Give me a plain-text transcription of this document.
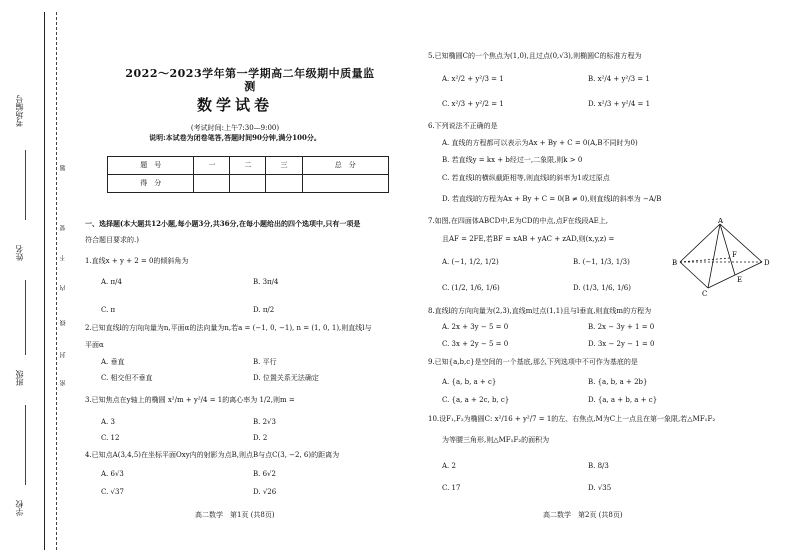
考场编号
姓名
班级
学校
题
要
不
内
线
封
密
2022～2023学年第一学期高二年级期中质量监测
数学试卷
(考试时间:上午7:30—9:00)
说明:本试卷为闭卷笔答,答题时间90分钟,满分100分。
题　号	一	二	三	总　分
得　分				
一、选择题(本大题共12小题,每小题3分,共36分,在每小题给出的四个选项中,只有一项是
符合题目要求的.)
1.直线x + y + 2 = 0的倾斜角为
A. π/4	B. 3π/4
C. π	D. π/2
2.已知直线l的方向向量为n,平面α的法向量为n,若a = (−1, 0, −1), n = (1, 0, 1),则直线l与
平面α
A. 垂直	B. 平行
C. 相交但不垂直	D. 位置关系无法确定
3.已知焦点在y轴上的椭圆 x²/m + y²/4 = 1的离心率为 1/2,则m =
A. 3	B. 2√3
C. 12	D. 2
4.已知点A(3,4,5)在坐标平面Oxy内的射影为点B,则点B与点C(3, −2, 6)的距离为
A. 6√3	B. 6√2
C. √37	D. √26
高二数学　第1页 (共8页)
5.已知椭圆C的一个焦点为(1,0),且过点(0,√3),则椭圆C的标准方程为
A. x²/2 + y²/3 = 1	B. x²/4 + y²/3 = 1
C. x²/3 + y²/2 = 1	D. x²/3 + y²/4 = 1
6.下列说法不正确的是
A. 直线的方程都可以表示为Ax + By + C = 0(A,B不同时为0)
B. 若直线y = kx + b经过一,二象限,则k > 0
C. 若直线l的横纵截距相等,则直线l的斜率为1或过原点
D. 若直线l的方程为Ax + By + C = 0(B ≠ 0),则直线l的斜率为 −A/B
7.如图,在四面体ABCD中,E为CD的中点,点F在线段AE上,
且AF = 2FE,若BF = xAB + yAC + zAD,则(x,y,z) =
A. (−1, 1/2, 1/2)	B. (−1, 1/3, 1/3)
C. (1/2, 1/6, 1/6)	D. (1/3, 1/6, 1/6)
8.直线l的方向向量为(2,3),直线m过点(1,1)且与l垂直,则直线m的方程为
A. 2x + 3y − 5 = 0	B. 2x − 3y + 1 = 0
C. 3x + 2y − 5 = 0	D. 3x − 2y − 1 = 0
9.已知{a,b,c}是空间的一个基底,那么下列选项中不可作为基底的是
A. {a, b, a + c}	B. {a, b, a + 2b}
C. {a, a + 2c, b, c}	D. {a, a + b, a + c}
10.设F₁,F₂为椭圆C: x²/16 + y²/7 = 1的左、右焦点,M为C上一点且在第一象限,若△MF₁F₂
为等腰三角形,则△MF₁F₂的面积为
A. 2	B. 8/3
C. 17	D. √35
高二数学　第2页 (共8页)
A
B
C
D
E
F
